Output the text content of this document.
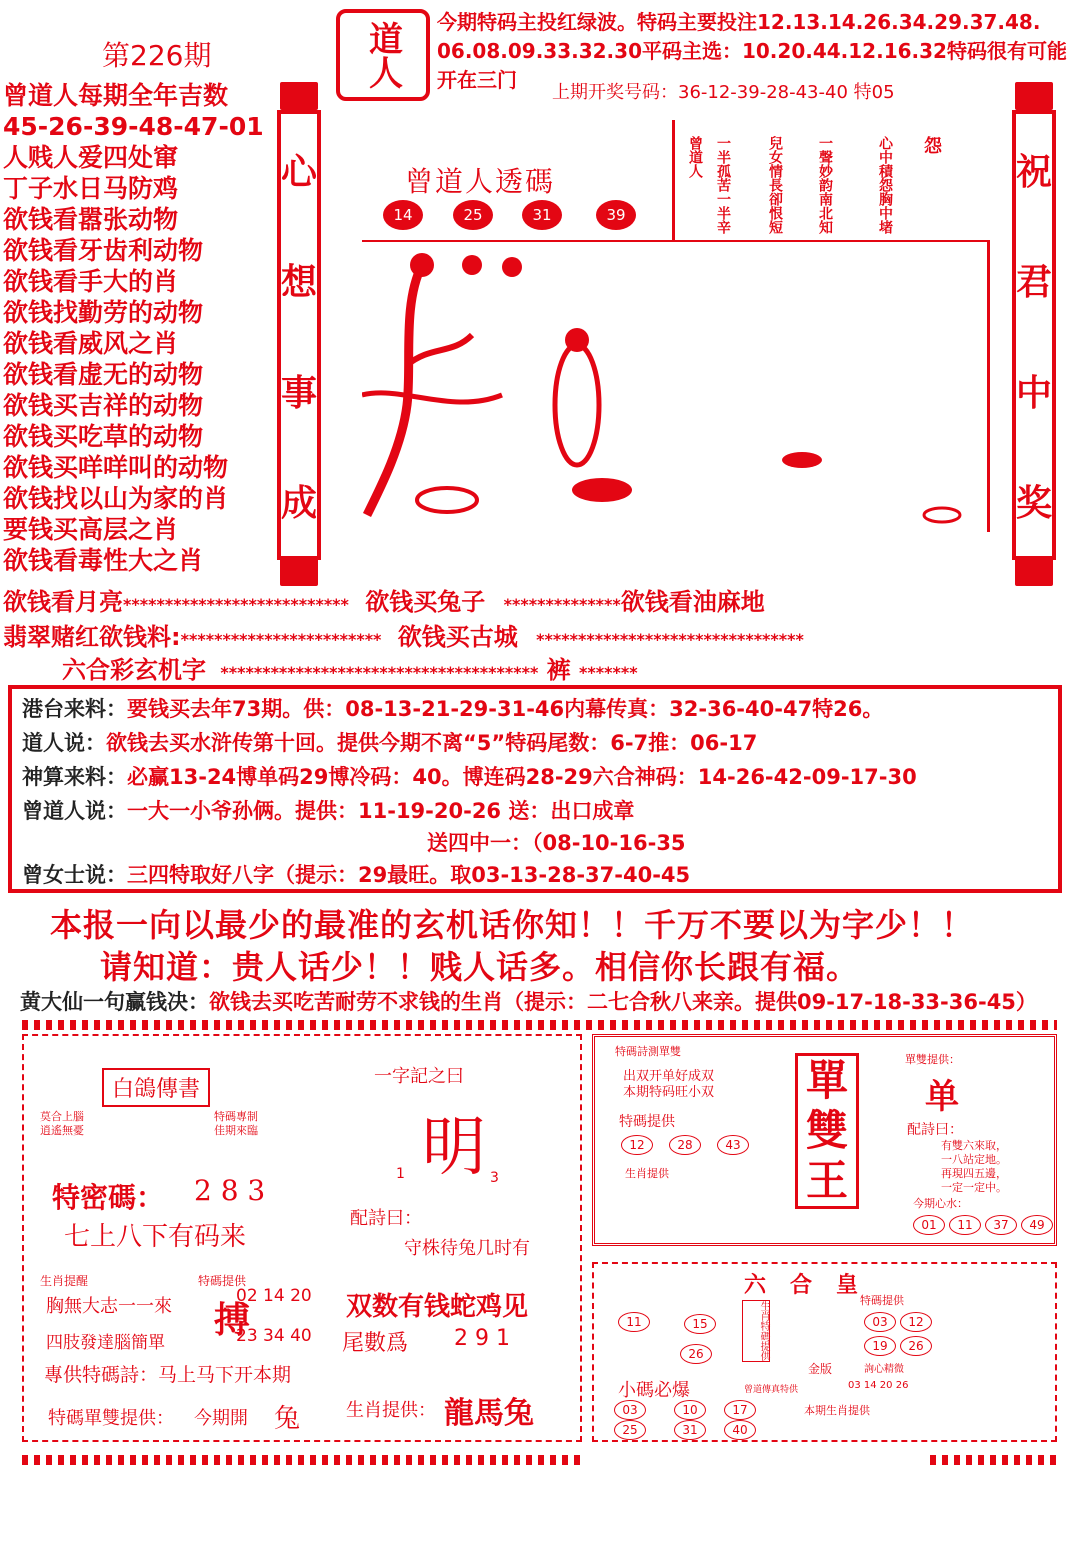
第226期
曾道人每期全年吉数
45-26-39-48-47-01
人贱人爱四处窜
丁子水日马防鸡
欲钱看嚣张动物
欲钱看牙齿利动物
欲钱看手大的肖
欲钱找勤劳的动物
欲钱看威风之肖
欲钱看虚无的动物
欲钱买吉祥的动物
欲钱买吃草的动物
欲钱买咩咩叫的动物
欲钱找以山为家的肖
要钱买高层之肖
欲钱看毒性大之肖
道人 今期特码主投红绿波。特码主要投注12.13.14.26.34.29.37.48.
06.08.09.33.32.30平码主选：10.20.44.12.16.32特码很有可能
开在三门
上期开奖号码：36-12-39-28-43-40 特05
心
想
事
成
祝
君
中
奖
曾道人透碼
14	25	31	39
曾道人 一半孤苦一半辛	兒女情長卻恨短 一聲妙韵南北知	心中積怨胸中堵 怨
欲钱看月亮*************************** 欲钱买兔子 **************欲钱看油麻地
翡翠赌红欲钱料:************************ 欲钱买古城 ********************************
六合彩玄机字 ************************************** 裤 *******
港台来料：要钱买去年73期。供：08-13-21-29-31-46内幕传真：32-36-40-47特26。
道人说：欲钱去买水浒传第十回。提供今期不离“5”特码尾数：6-7推：06-17
神算来料：必赢13-24博单码29博冷码：40。博连码28-29六合神码：14-26-42-09-17-30
曾道人说：一大一小爷孙俩。提供：11-19-20-26 送：出口成章
送四中一：（08-10-16-35
曾女士说：三四特取好八字（提示：29最旺。取03-13-28-37-40-45
本报一向以最少的最准的玄机话你知！！千万不要以为字少！！
请知道：贵人话少！！贱人话多。相信你长跟有福。
黄大仙一句赢钱决：欲钱去买吃苦耐劳不求钱的生肖（提示：二七合秋八来亲。提供09-17-18-33-36-45）
白鴿傳書
莫合上腦
逍遙無憂
特碼專制
佳期來臨
一字記之曰
明
1	3
特密碼： 2 8 3
七上八下有码来
配詩曰：
守株待兔几时有
生肖提醒
胸無大志一一來
四肢發達腦簡單
特碼提供
搏
02 14 20
23 34 40
專供特碼詩：马上马下开本期
双数有钱蛇鸡见
尾數爲 2 9 1
特碼單雙提供： 今期開 兔	生肖提供： 龍馬兔
特碼詩測單雙
出双开单好成双
本期特码旺小双
特碼提供
12	28	43
生肖提供
單
雙
王
單雙提供：
单
配詩曰：
有雙六來取，
一八站定地。
再現四五邊，
一定一定中。
今期心水：
01	11	37	49
六合皇
11	15
26	生肖特碼提供
金版
特碼提供
03	12
19	26
詢心精微
小碼必爆	曾道傳真特供	03 14 20 26
03	10	17
25	31	40
本期生肖提供
